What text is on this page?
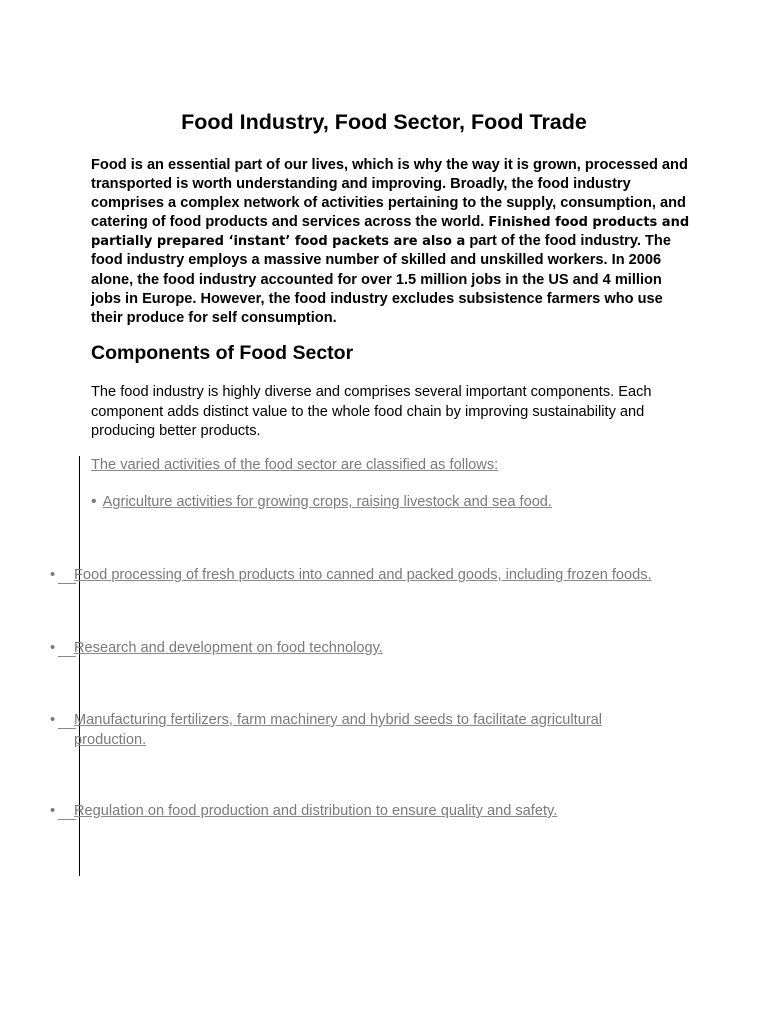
Food Industry, Food Sector, Food Trade

Food is an essential part of our lives, which is why the way it is grown, processed and transported is worth understanding and improving. Broadly, the food industry comprises a complex network of activities pertaining to the supply, consumption, and catering of food products and services across the world. Finished food products and partially prepared ‘instant’ food packets are also a part of the food industry. The food industry employs a massive number of skilled and unskilled workers. In 2006 alone, the food industry accounted for over 1.5 million jobs in the US and 4 million jobs in Europe. However, the food industry excludes subsistence farmers who use their produce for self consumption.

Components of Food Sector

The food industry is highly diverse and comprises several important components. Each component adds distinct value to the whole food chain by improving sustainability and producing better products.

The varied activities of the food sector are classified as follows:
• Agriculture activities for growing crops, raising livestock and sea food.
• Food processing of fresh products into canned and packed goods, including frozen foods.
• Research and development on food technology.
• Manufacturing fertilizers, farm machinery and hybrid seeds to facilitate agricultural production.
• Regulation on food production and distribution to ensure quality and safety.
